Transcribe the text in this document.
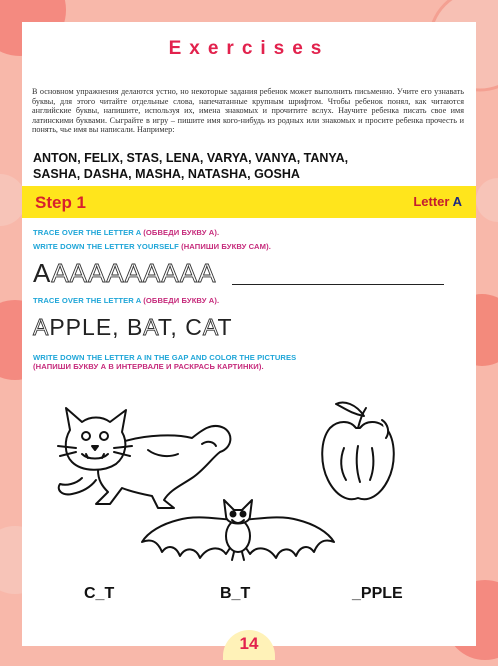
Exercises
В основном упражнения делаются устно, но некоторые задания ребенок может выполнить письменно. Учите его узнавать буквы, для этого читайте отдельные слова, напечатанные крупным шрифтом. Чтобы ребенок понял, как читаются английские буквы, напишите, используя их, имена знакомых и прочитите вслух. Научите ребенка писать свое имя латинскими буквами. Сыграйте в игру – пишите имя кого-нибудь из родных или знакомых и просите ребенка прочесть и понять, чье имя вы написали. Например:
ANTON, FELIX, STAS, LENA, VARYA, VANYA, TANYA,
SASHA, DASHA, MASHA, NATASHA, GOSHA
Step 1	Letter A
TRACE OVER THE LETTER A (ОБВЕДИ БУКВУ А).
WRITE DOWN THE LETTER YOURSELF (НАПИШИ БУКВУ САМ).
AAAAAAAAAA
TRACE OVER THE LETTER A (ОБВЕДИ БУКВУ А).
APPLE, BAT, CAT
WRITE DOWN THE LETTER A IN THE GAP AND COLOR THE PICTURES
(НАПИШИ БУКВУ А В ИНТЕРВАЛЕ И РАСКРАСЬ КАРТИНКИ).
C_T	B_T	_PPLE
14
